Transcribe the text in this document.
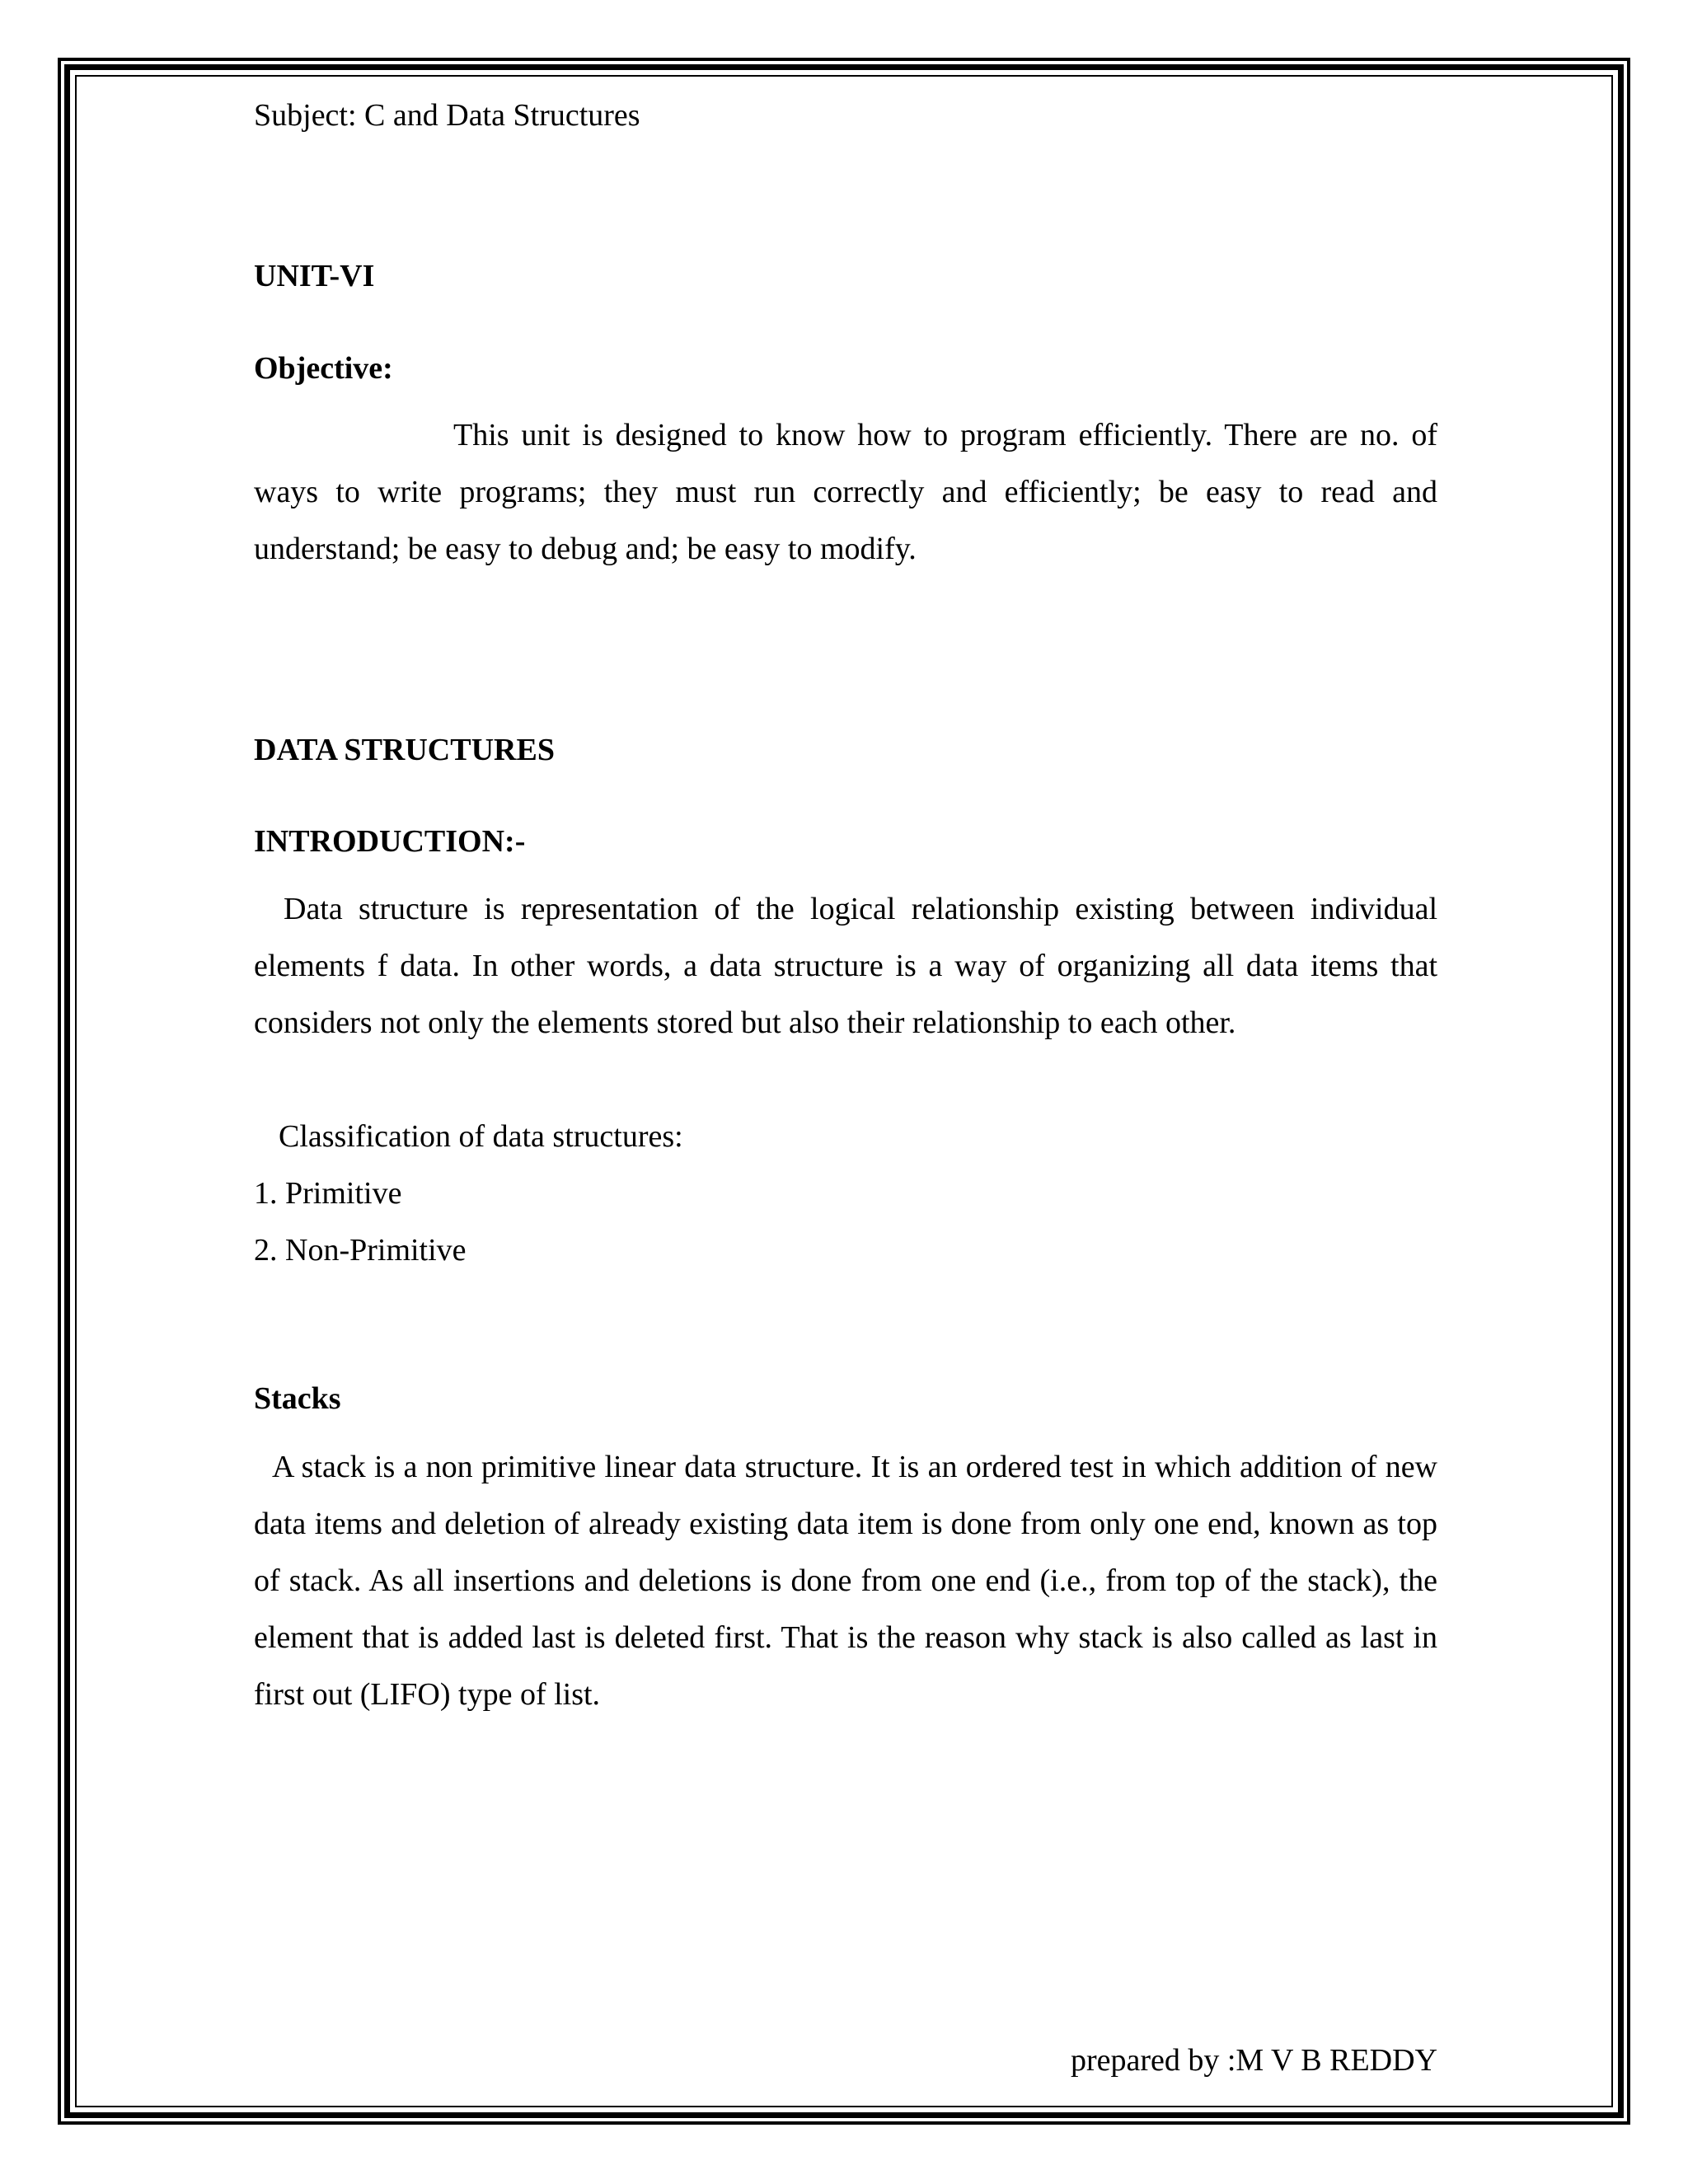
Subject: C and Data Structures

UNIT-VI

Objective:

This unit is designed to know how to program efficiently. There are no. of ways to write programs; they must run correctly and efficiently; be easy to read and understand; be easy to debug and; be easy to modify.

DATA STRUCTURES

INTRODUCTION:-

Data structure is representation of the logical relationship existing between individual elements f data. In other words, a data structure is a way of organizing all data items that considers not only the elements stored but also their relationship to each other.

Classification of data structures:

1. Primitive

2. Non-Primitive

Stacks

A stack is a non primitive linear data structure. It is an ordered test in which addition of new data items and deletion of already existing data item is done from only one end, known as top of stack. As all insertions and deletions is done from one end (i.e., from top of the stack), the element that is added last is deleted first. That is the reason why stack is also called as last in first out (LIFO) type of list.

prepared by :M V B REDDY
